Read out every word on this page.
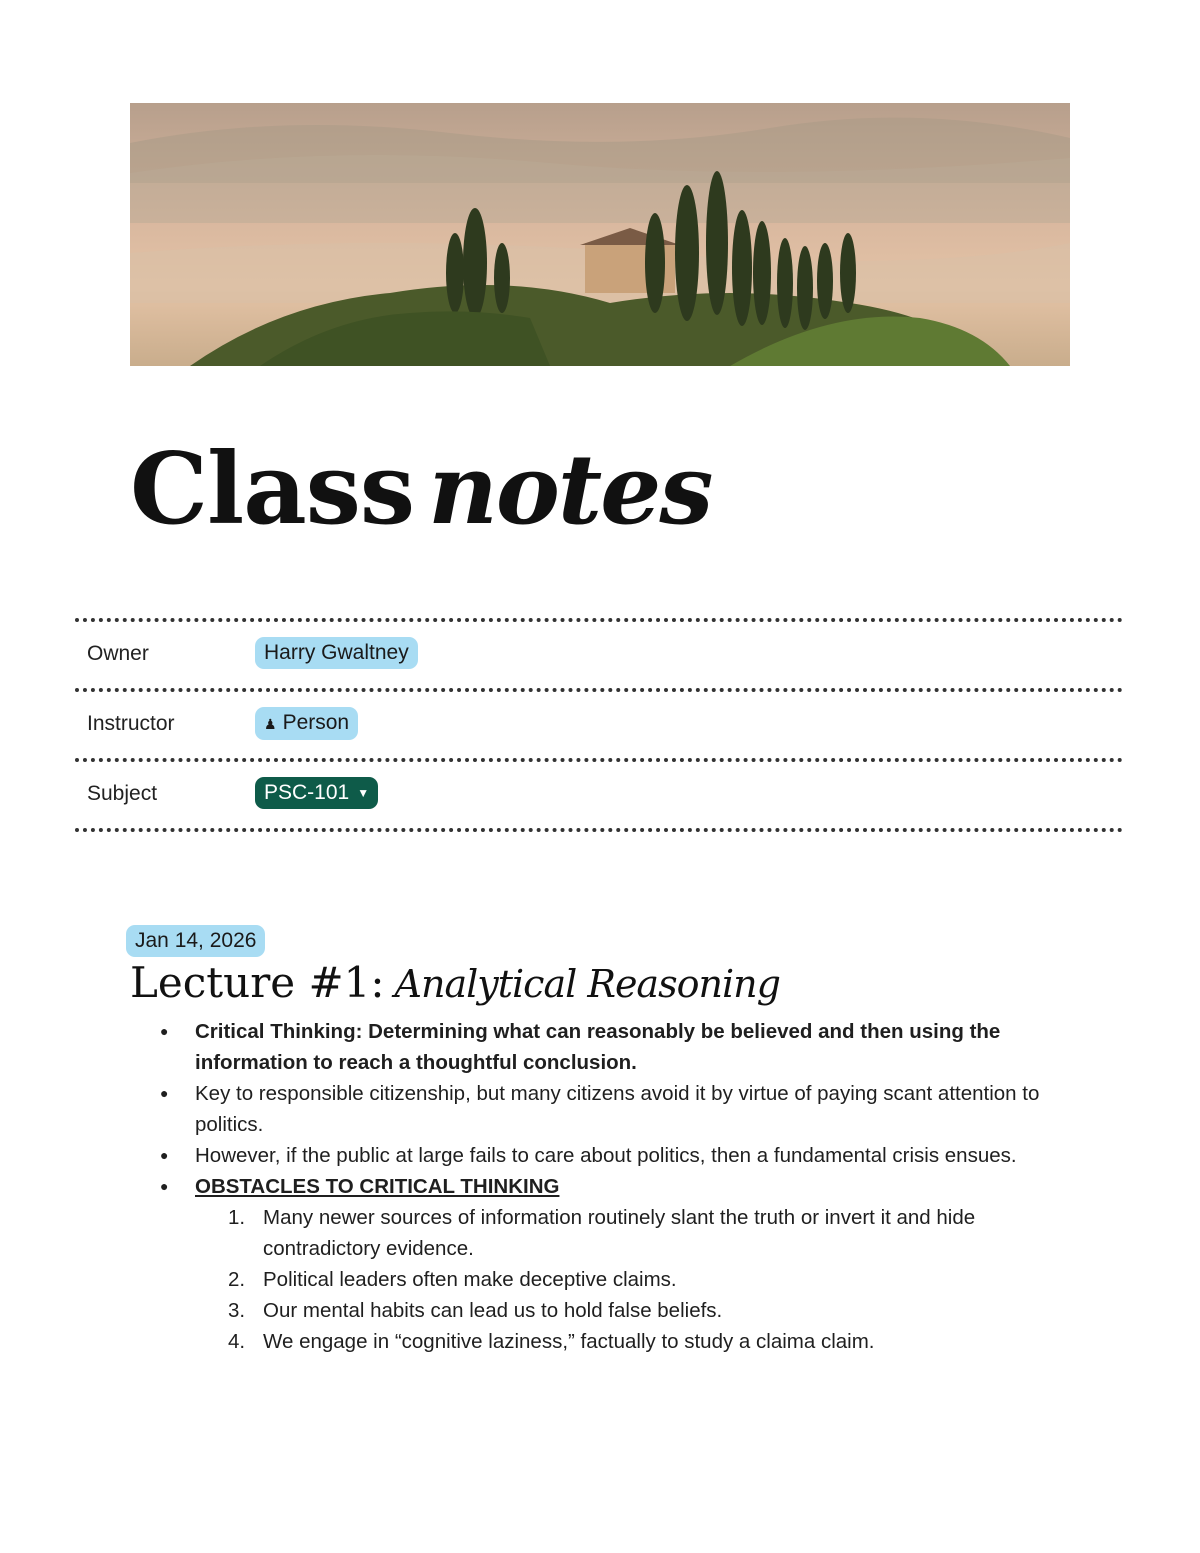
Class notes
Owner	Harry Gwaltney
Instructor	♟ Person
Subject	PSC-101 ▼
Jan 14, 2026
Lecture #1: Analytical Reasoning
● Critical Thinking: Determining what can reasonably be believed and then using the information to reach a thoughtful conclusion.
● Key to responsible citizenship, but many citizens avoid it by virtue of paying scant attention to politics.
● However, if the public at large fails to care about politics, then a fundamental crisis ensues.
● OBSTACLES TO CRITICAL THINKING
1. Many newer sources of information routinely slant the truth or invert it and hide contradictory evidence.
2. Political leaders often make deceptive claims.
3. Our mental habits can lead us to hold false beliefs.
4. We engage in “cognitive laziness,” factually to study a claima claim.
